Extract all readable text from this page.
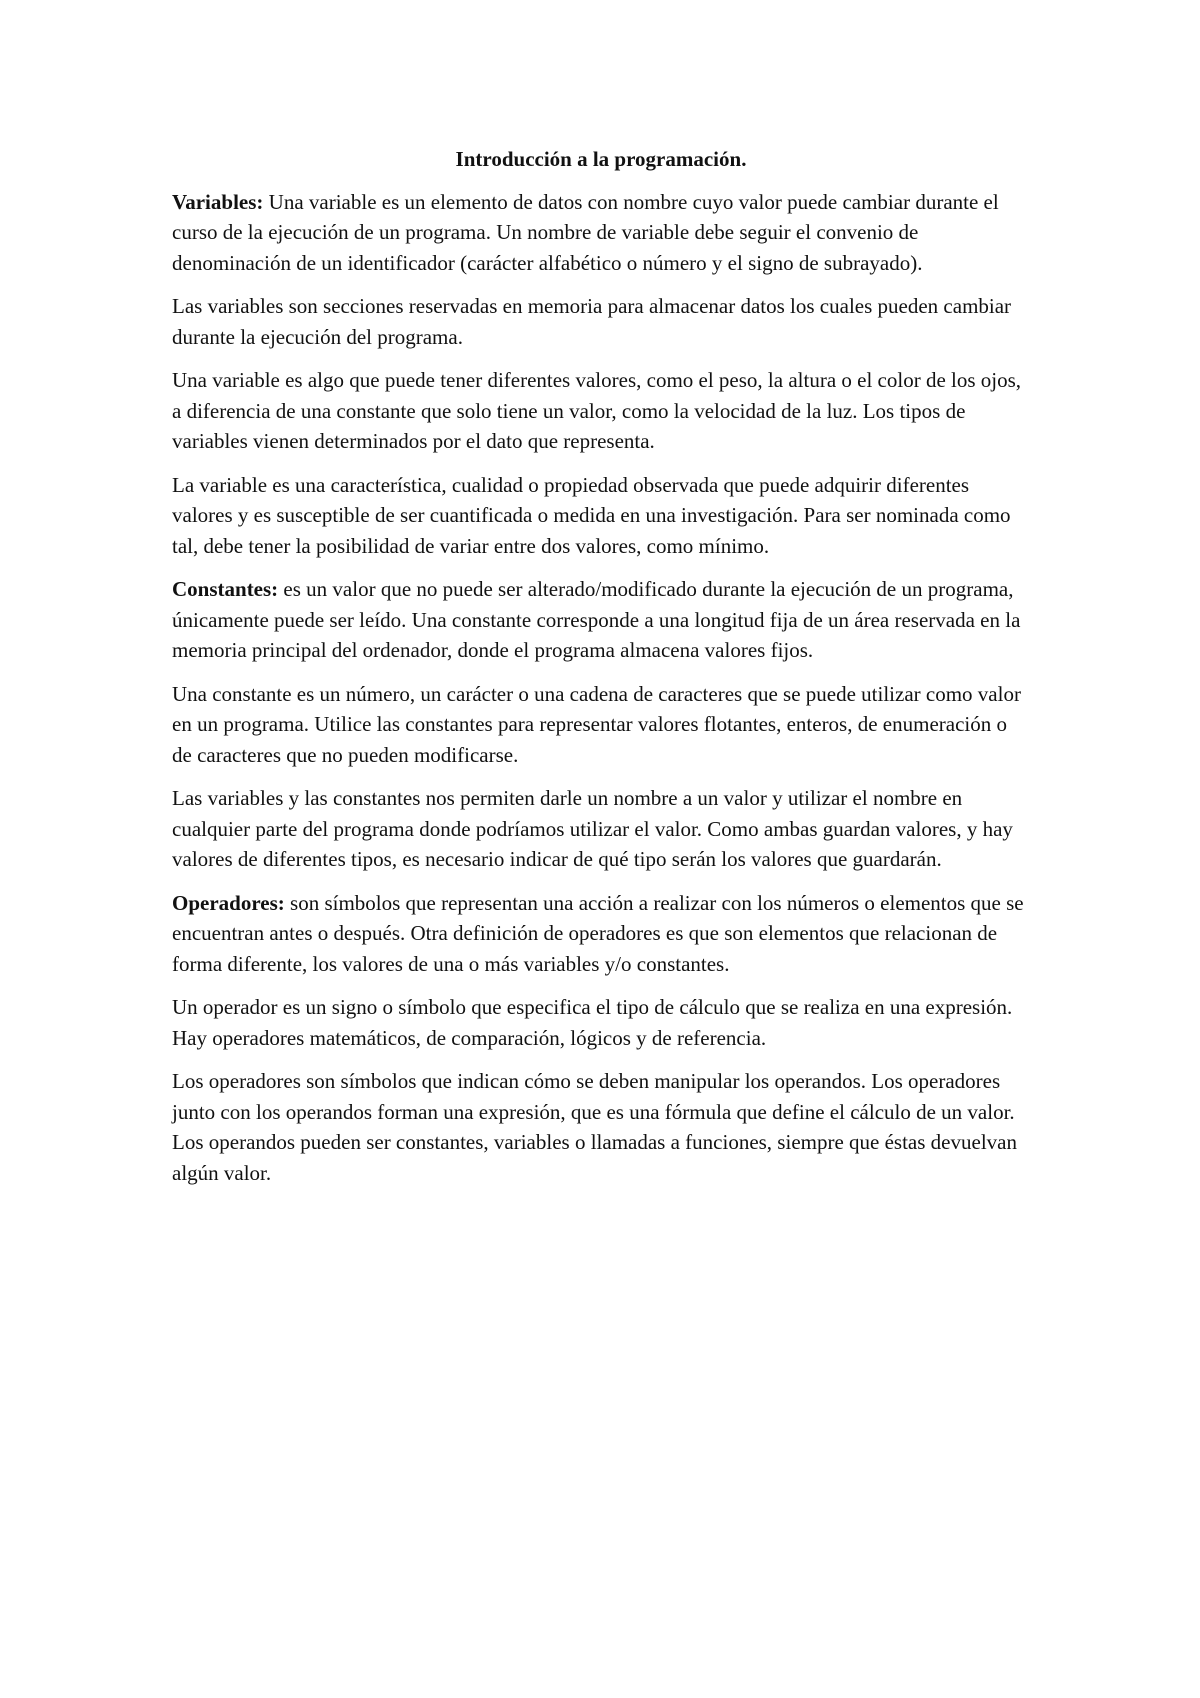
Introducción a la programación.

Variables: Una variable es un elemento de datos con nombre cuyo valor puede cambiar durante el curso de la ejecución de un programa. Un nombre de variable debe seguir el convenio de denominación de un identificador (carácter alfabético o número y el signo de subrayado).

Las variables son secciones reservadas en memoria para almacenar datos los cuales pueden cambiar durante la ejecución del programa.

Una variable es algo que puede tener diferentes valores, como el peso, la altura o el color de los ojos, a diferencia de una constante que solo tiene un valor, como la velocidad de la luz. Los tipos de variables vienen determinados por el dato que representa.

La variable es una característica, cualidad o propiedad observada que puede adquirir diferentes valores y es susceptible de ser cuantificada o medida en una investigación. Para ser nominada como tal, debe tener la posibilidad de variar entre dos valores, como mínimo.

Constantes: es un valor que no puede ser alterado/modificado durante la ejecución de un programa, únicamente puede ser leído. Una constante corresponde a una longitud fija de un área reservada en la memoria principal del ordenador, donde el programa almacena valores fijos.

Una constante es un número, un carácter o una cadena de caracteres que se puede utilizar como valor en un programa. Utilice las constantes para representar valores flotantes, enteros, de enumeración o de caracteres que no pueden modificarse.

Las variables y las constantes nos permiten darle un nombre a un valor y utilizar el nombre en cualquier parte del programa donde podríamos utilizar el valor. Como ambas guardan valores, y hay valores de diferentes tipos, es necesario indicar de qué tipo serán los valores que guardarán.

Operadores: son símbolos que representan una acción a realizar con los números o elementos que se encuentran antes o después. Otra definición de operadores es que son elementos que relacionan de forma diferente, los valores de una o más variables y/o constantes.

Un operador es un signo o símbolo que especifica el tipo de cálculo que se realiza en una expresión. Hay operadores matemáticos, de comparación, lógicos y de referencia.

Los operadores son símbolos que indican cómo se deben manipular los operandos. Los operadores junto con los operandos forman una expresión, que es una fórmula que define el cálculo de un valor. Los operandos pueden ser constantes, variables o llamadas a funciones, siempre que éstas devuelvan algún valor.
